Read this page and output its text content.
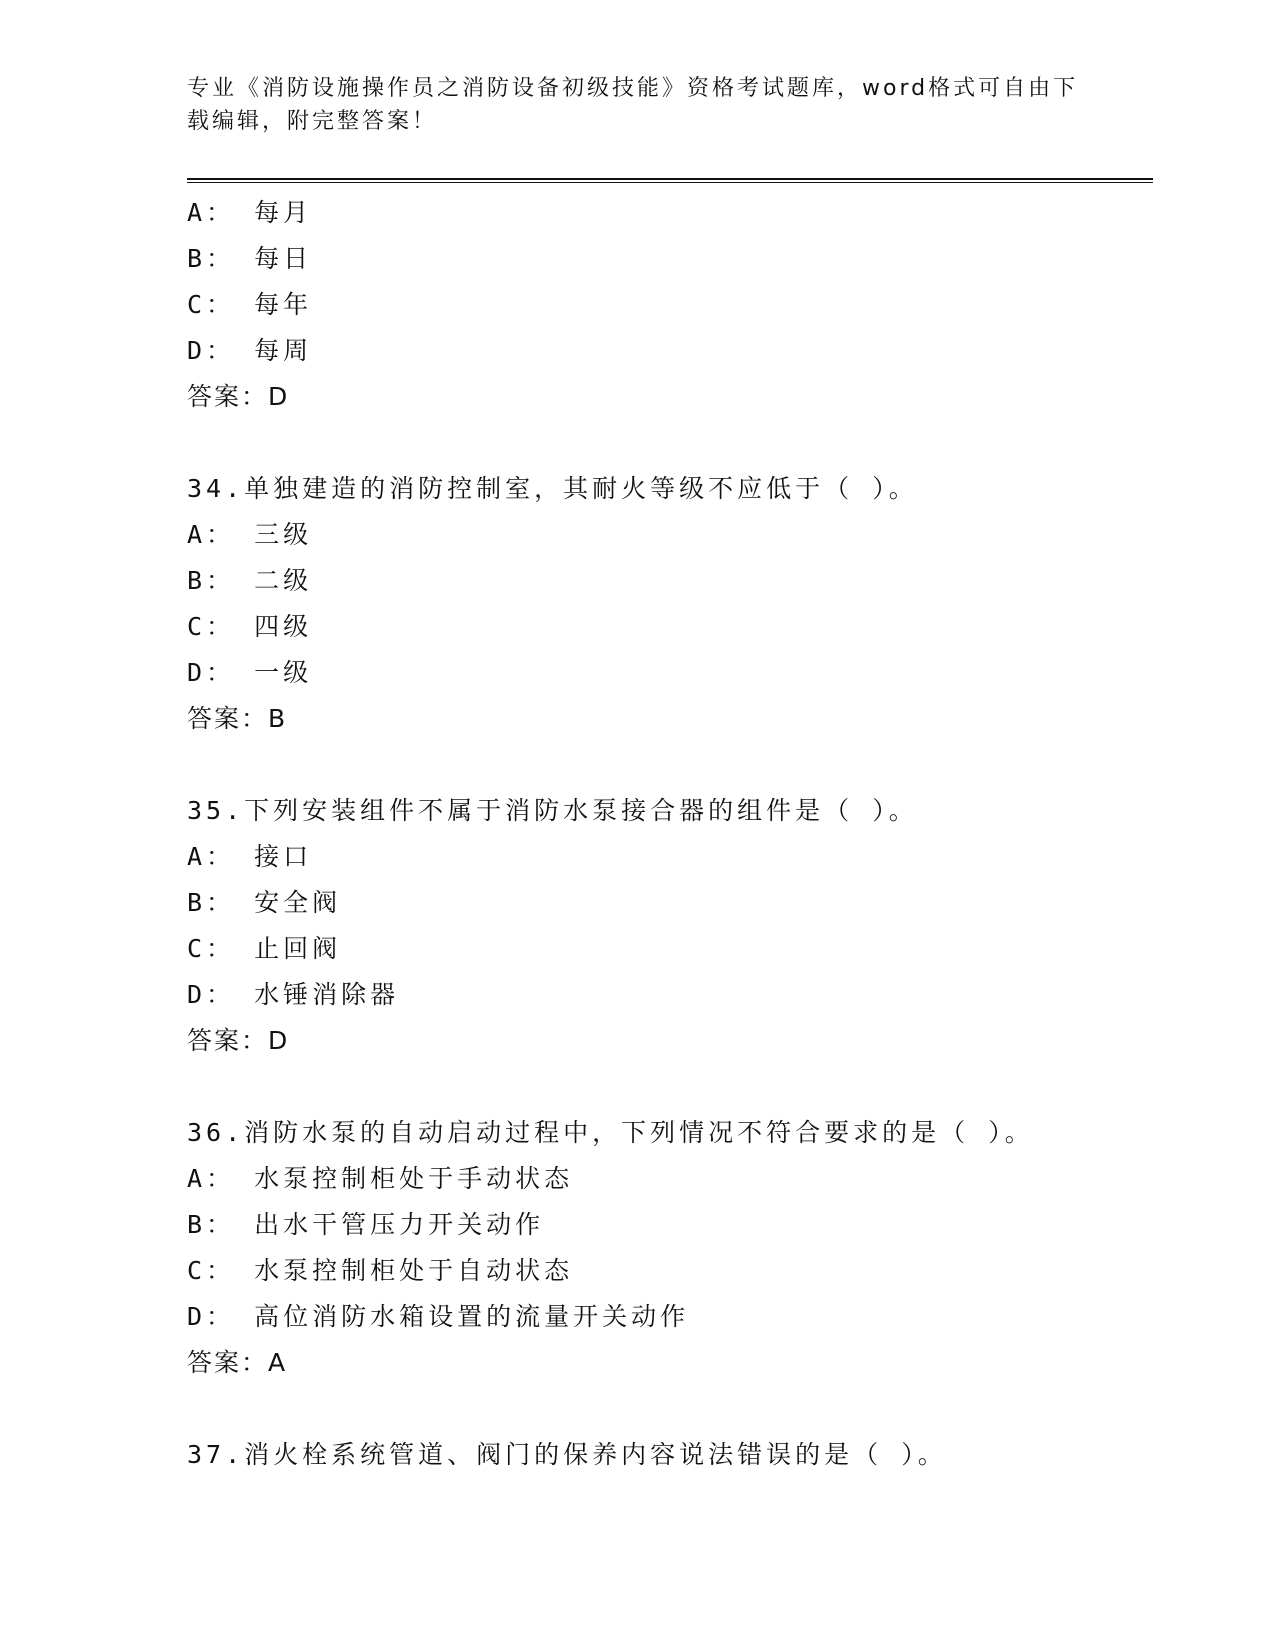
专业《消防设施操作员之消防设备初级技能》资格考试题库，word格式可自由下
载编辑，附完整答案！
A： 每月
B： 每日
C： 每年
D： 每周
答案：D
34.单独建造的消防控制室，其耐火等级不应低于（ ）。
A： 三级
B： 二级
C： 四级
D： 一级
答案：B
35.下列安装组件不属于消防水泵接合器的组件是（ ）。
A： 接口
B： 安全阀
C： 止回阀
D： 水锤消除器
答案：D
36.消防水泵的自动启动过程中，下列情况不符合要求的是（ ）。
A： 水泵控制柜处于手动状态
B： 出水干管压力开关动作
C： 水泵控制柜处于自动状态
D： 高位消防水箱设置的流量开关动作
答案：A
37.消火栓系统管道、阀门的保养内容说法错误的是（ ）。
